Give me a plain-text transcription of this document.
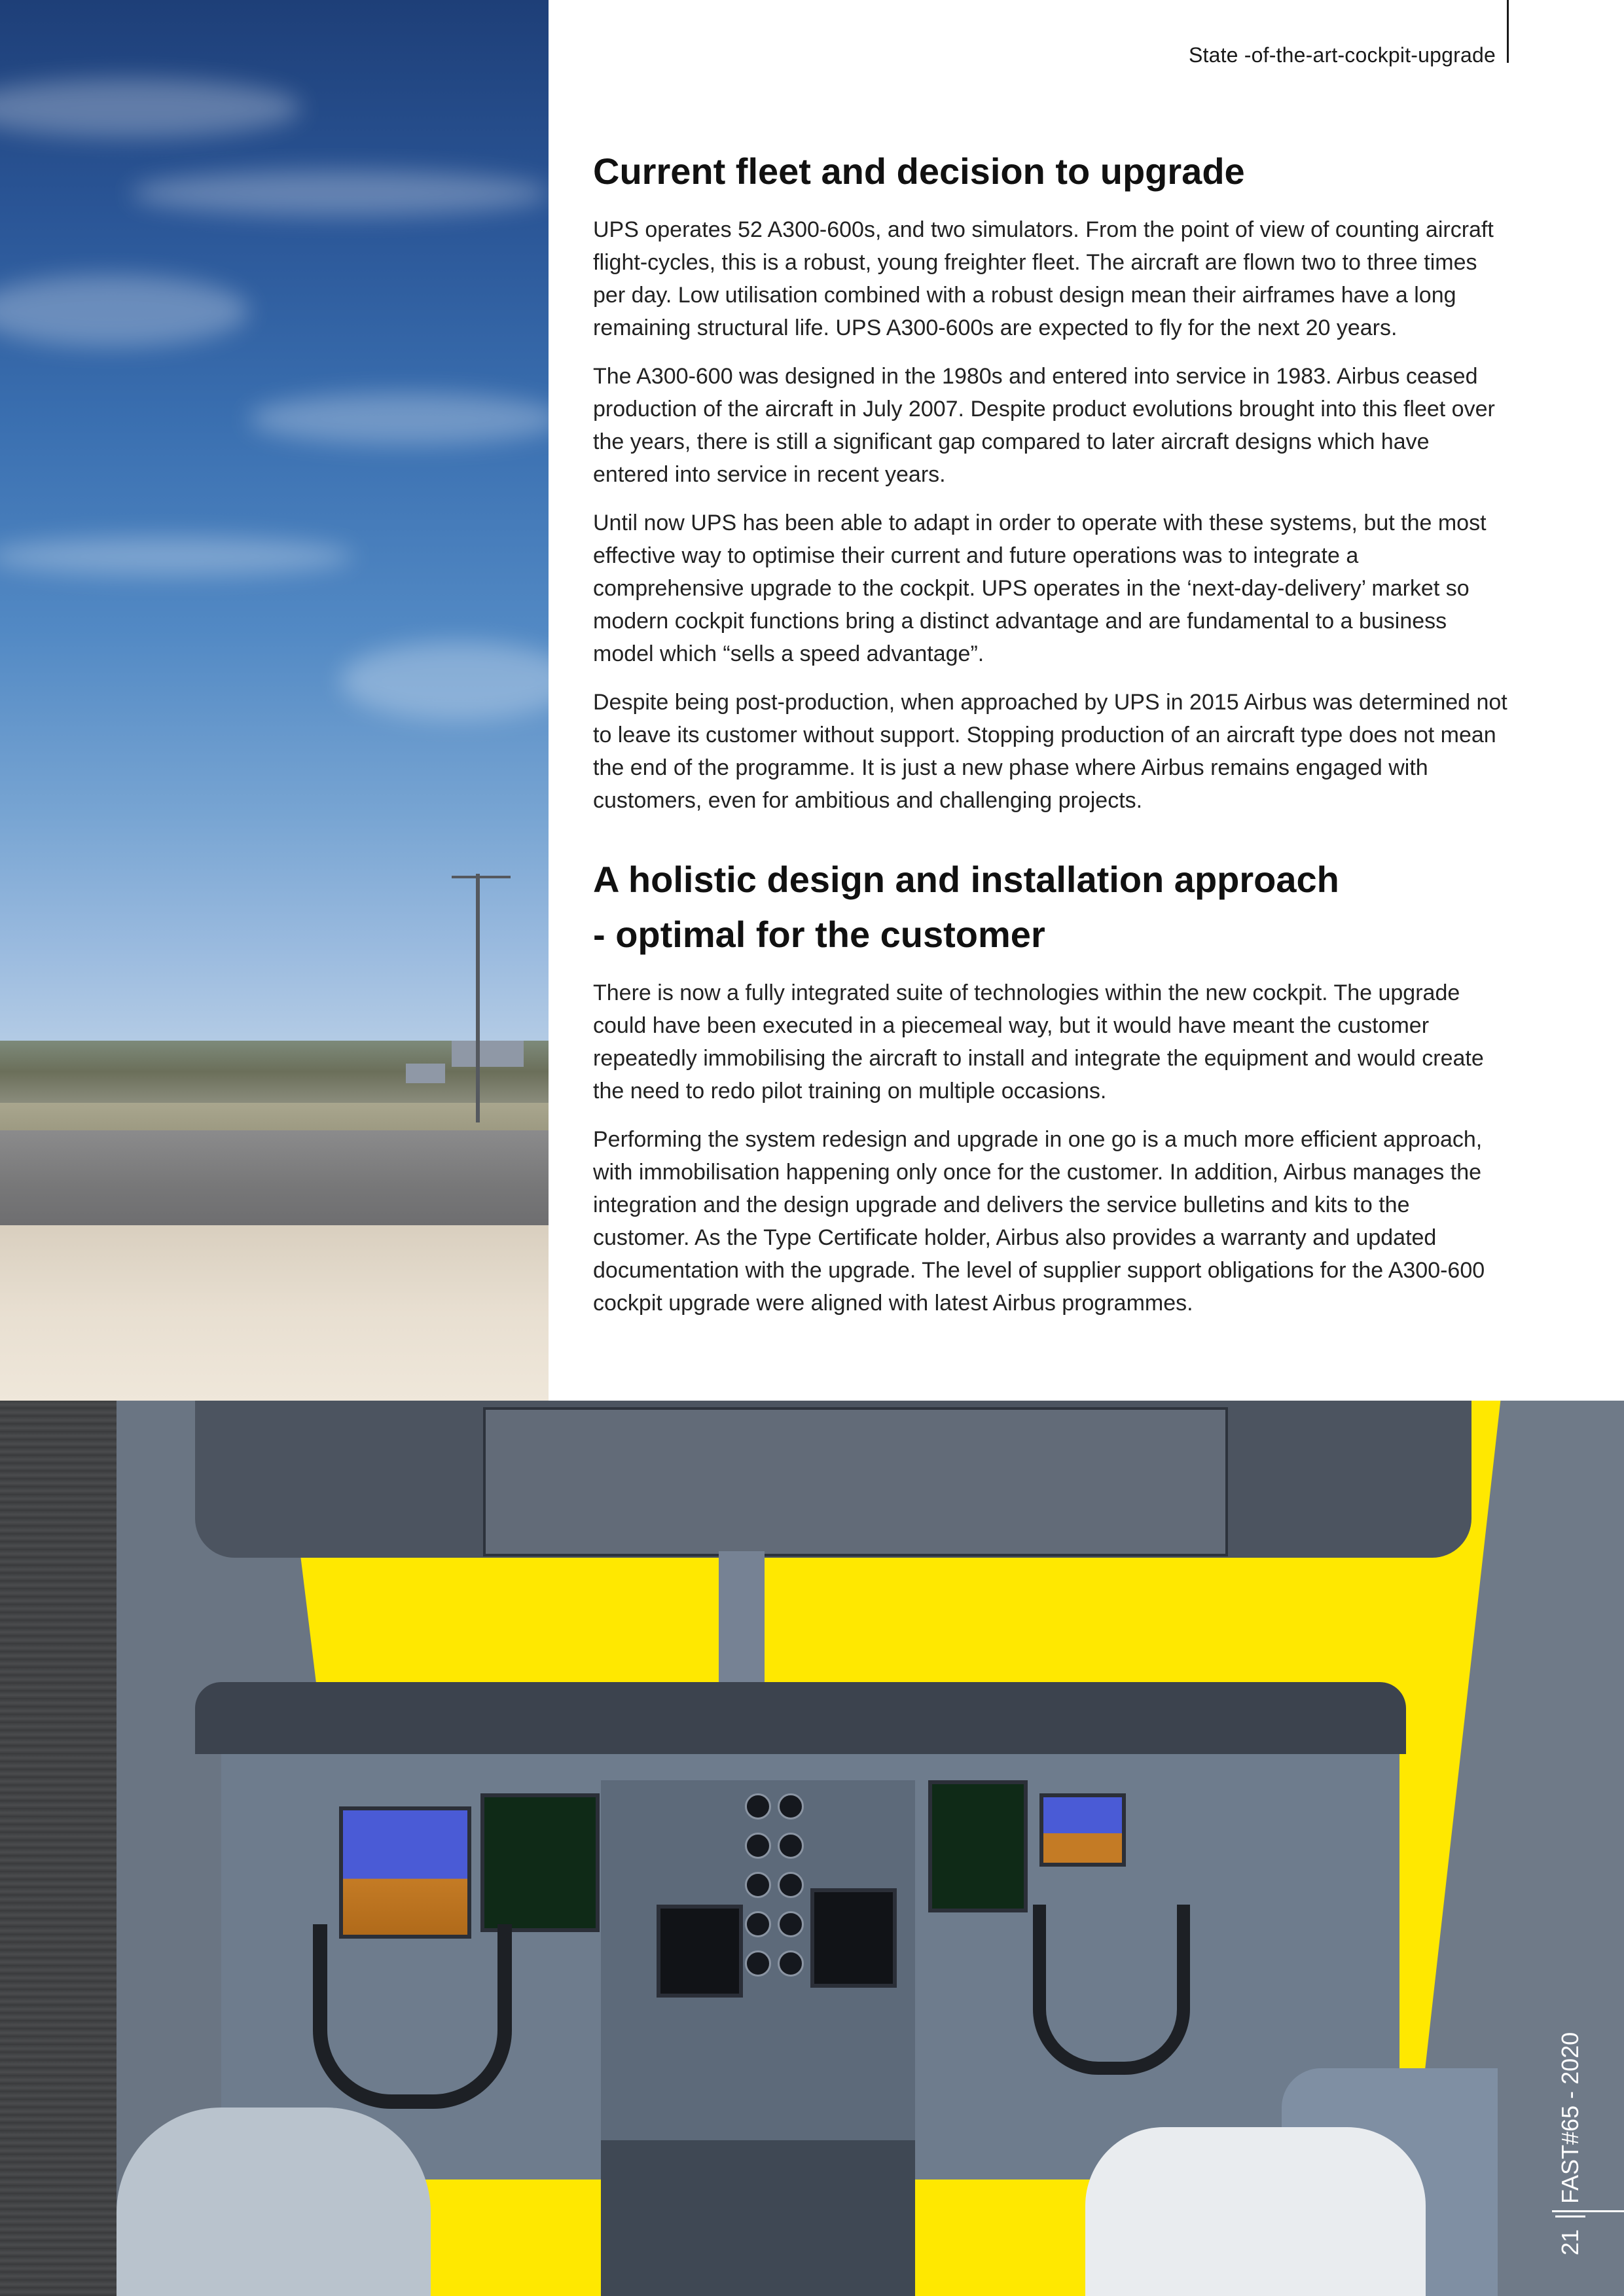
State -of-the-art-cockpit-upgrade
Current fleet and decision to upgrade

UPS operates 52 A300-600s, and two simulators. From the point of view of counting aircraft flight-cycles, this is a robust, young freighter fleet. The aircraft are flown two to three times per day. Low utilisation combined with a robust design mean their airframes have a long remaining structural life. UPS A300-600s are expected to fly for the next 20 years.

The A300-600 was designed in the 1980s and entered into service in 1983. Airbus ceased production of the aircraft in July 2007. Despite product evolutions brought into this fleet over the years, there is still a significant gap compared to later aircraft designs which have entered into service in recent years.

Until now UPS has been able to adapt in order to operate with these systems, but the most effective way to optimise their current and future operations was to integrate a comprehensive upgrade to the cockpit. UPS operates in the ‘next-day-delivery’ market so modern cockpit functions bring a distinct advantage and are fundamental to a business model which “sells a speed advantage”.

Despite being post-production, when approached by UPS in 2015 Airbus was determined not to leave its customer without support. Stopping production of an aircraft type does not mean the end of the programme. It is just a new phase where Airbus remains engaged with customers, even for ambitious and challenging projects.

A holistic design and installation approach
- optimal for the customer

There is now a fully integrated suite of technologies within the new cockpit. The upgrade could have been executed in a piecemeal way, but it would have meant the customer repeatedly immobilising the aircraft to install and integrate the equipment and would create the need to redo pilot training on multiple occasions.

Performing the system redesign and upgrade in one go is a much more efficient approach, with immobilisation happening only once for the customer. In addition, Airbus manages the integration and the design upgrade and delivers the service bulletins and kits to the customer. As the Type Certificate holder, Airbus also provides a warranty and updated documentation with the upgrade. The level of supplier support obligations for the A300-600 cockpit upgrade were aligned with latest Airbus programmes.

21
FAST#65 - 2020
